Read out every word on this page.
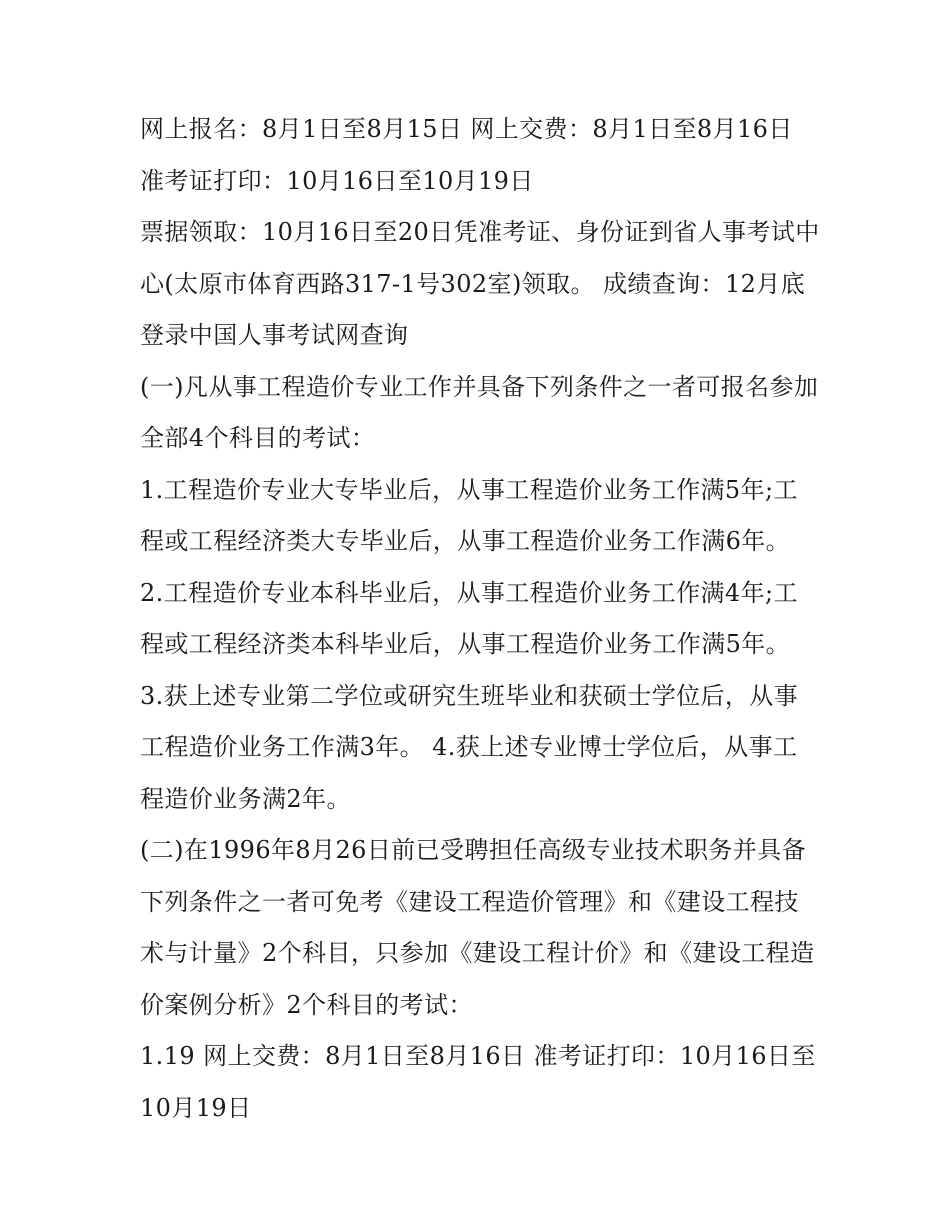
网上报名：8月1日至8月15日 网上交费：8月1日至8月16日 准考证打印：10月16日至10月19日

票据领取：10月16日至20日凭准考证、身份证到省人事考试中心(太原市体育西路317-1号302室)领取。 成绩查询：12月底登录中国人事考试网查询

(一)凡从事工程造价专业工作并具备下列条件之一者可报名参加全部4个科目的考试：

1.工程造价专业大专毕业后，从事工程造价业务工作满5年;工程或工程经济类大专毕业后，从事工程造价业务工作满6年。

2.工程造价专业本科毕业后，从事工程造价业务工作满4年;工程或工程经济类本科毕业后，从事工程造价业务工作满5年。

3.获上述专业第二学位或研究生班毕业和获硕士学位后，从事工程造价业务工作满3年。 4.获上述专业博士学位后，从事工程造价业务满2年。

(二)在1996年8月26日前已受聘担任高级专业技术职务并具备下列条件之一者可免考《建设工程造价管理》和《建设工程技术与计量》2个科目，只参加《建设工程计价》和《建设工程造价案例分析》2个科目的考试：

1.19 网上交费：8月1日至8月16日 准考证打印：10月16日至10月19日
